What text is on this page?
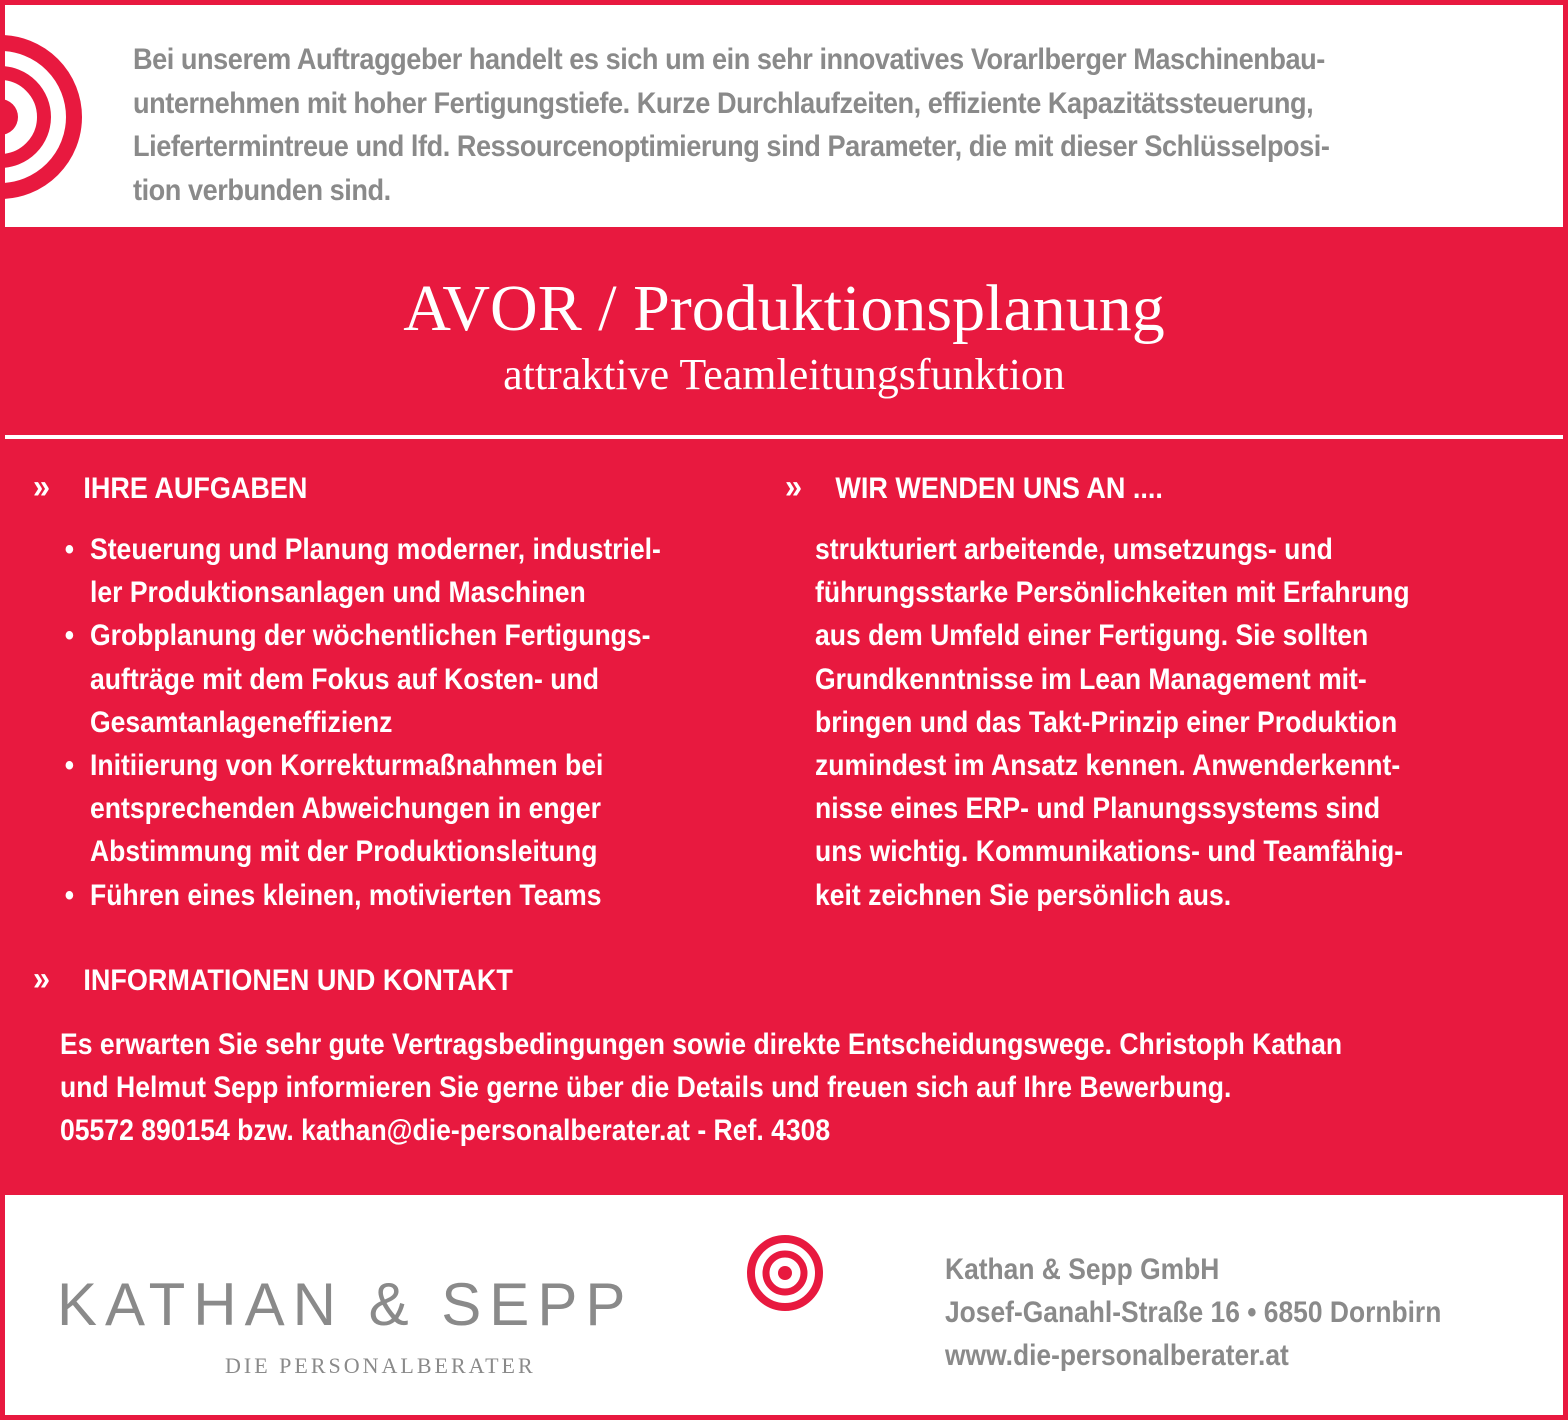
Bei unserem Auftraggeber handelt es sich um ein sehr innovatives Vorarlberger Maschinenbau-
unternehmen mit hoher Fertigungstiefe. Kurze Durchlaufzeiten, effiziente Kapazitätssteuerung,
Liefertermintreue und lfd. Ressourcenoptimierung sind Parameter, die mit dieser Schlüsselposi-
tion verbunden sind.

AVOR / Produktionsplanung
attraktive Teamleitungsfunktion
» IHRE AUFGABEN
• Steuerung und Planung moderner, industriel-
ler Produktionsanlagen und Maschinen
• Grobplanung der wöchentlichen Fertigungs-
aufträge mit dem Fokus auf Kosten- und
Gesamtanlageneffizienz
• Initiierung von Korrekturmaßnahmen bei
entsprechenden Abweichungen in enger
Abstimmung mit der Produktionsleitung
• Führen eines kleinen, motivierten Teams
» WIR WENDEN UNS AN ....
strukturiert arbeitende, umsetzungs- und
führungsstarke Persönlichkeiten mit Erfahrung
aus dem Umfeld einer Fertigung. Sie sollten
Grundkenntnisse im Lean Management mit-
bringen und das Takt-Prinzip einer Produktion
zumindest im Ansatz kennen. Anwenderkennt-
nisse eines ERP- und Planungssystems sind
uns wichtig. Kommunikations- und Teamfähig-
keit zeichnen Sie persönlich aus.
» INFORMATIONEN UND KONTAKT
Es erwarten Sie sehr gute Vertragsbedingungen sowie direkte Entscheidungswege. Christoph Kathan
und Helmut Sepp informieren Sie gerne über die Details und freuen sich auf Ihre Bewerbung.
05572 890154 bzw. kathan@die-personalberater.at - Ref. 4308
KATHAN & SEPP
DIE PERSONALBERATER
Kathan & Sepp GmbH
Josef-Ganahl-Straße 16 • 6850 Dornbirn
www.die-personalberater.at
